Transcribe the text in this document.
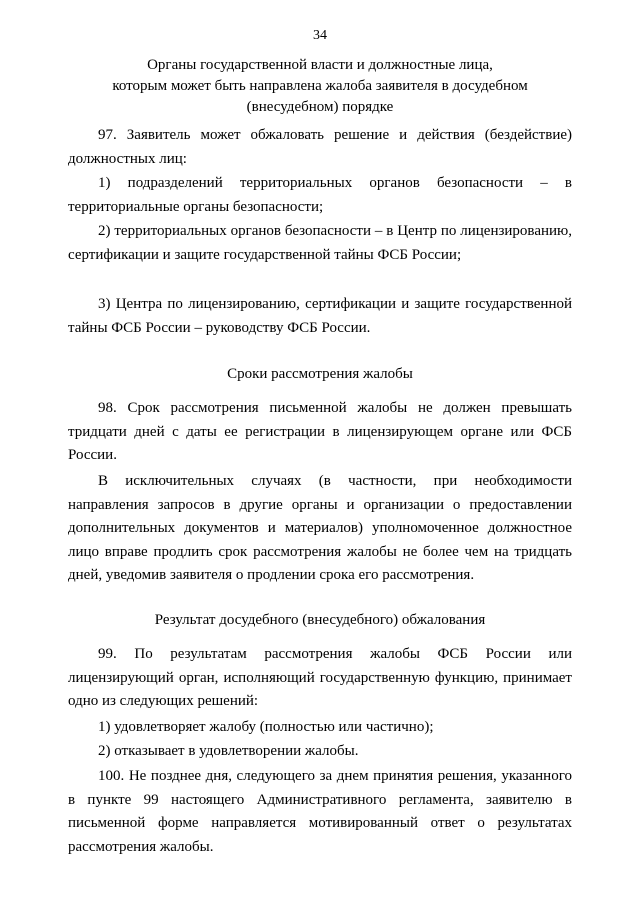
34
Органы государственной власти и должностные лица,
которым может быть направлена жалоба заявителя в досудебном
(внесудебном) порядке
97. Заявитель может обжаловать решение и действия (бездействие) должностных лиц:
1) подразделений территориальных органов безопасности – в территориальные органы безопасности;
2) территориальных органов безопасности – в Центр по лицензированию, сертификации и защите государственной тайны ФСБ России;
3) Центра по лицензированию, сертификации и защите государственной тайны ФСБ России – руководству ФСБ России.
Сроки рассмотрения жалобы
98. Срок рассмотрения письменной жалобы не должен превышать тридцати дней с даты ее регистрации в лицензирующем органе или ФСБ России.
В исключительных случаях (в частности, при необходимости направления запросов в другие органы и организации о предоставлении дополнительных документов и материалов) уполномоченное должностное лицо вправе продлить срок рассмотрения жалобы не более чем на тридцать дней, уведомив заявителя о продлении срока его рассмотрения.
Результат досудебного (внесудебного) обжалования
99. По результатам рассмотрения жалобы ФСБ России или лицензирующий орган, исполняющий государственную функцию, принимает одно из следующих решений:
1) удовлетворяет жалобу (полностью или частично);
2) отказывает в удовлетворении жалобы.
100. Не позднее дня, следующего за днем принятия решения, указанного в пункте 99 настоящего Административного регламента, заявителю в письменной форме направляется мотивированный ответ о результатах рассмотрения жалобы.
